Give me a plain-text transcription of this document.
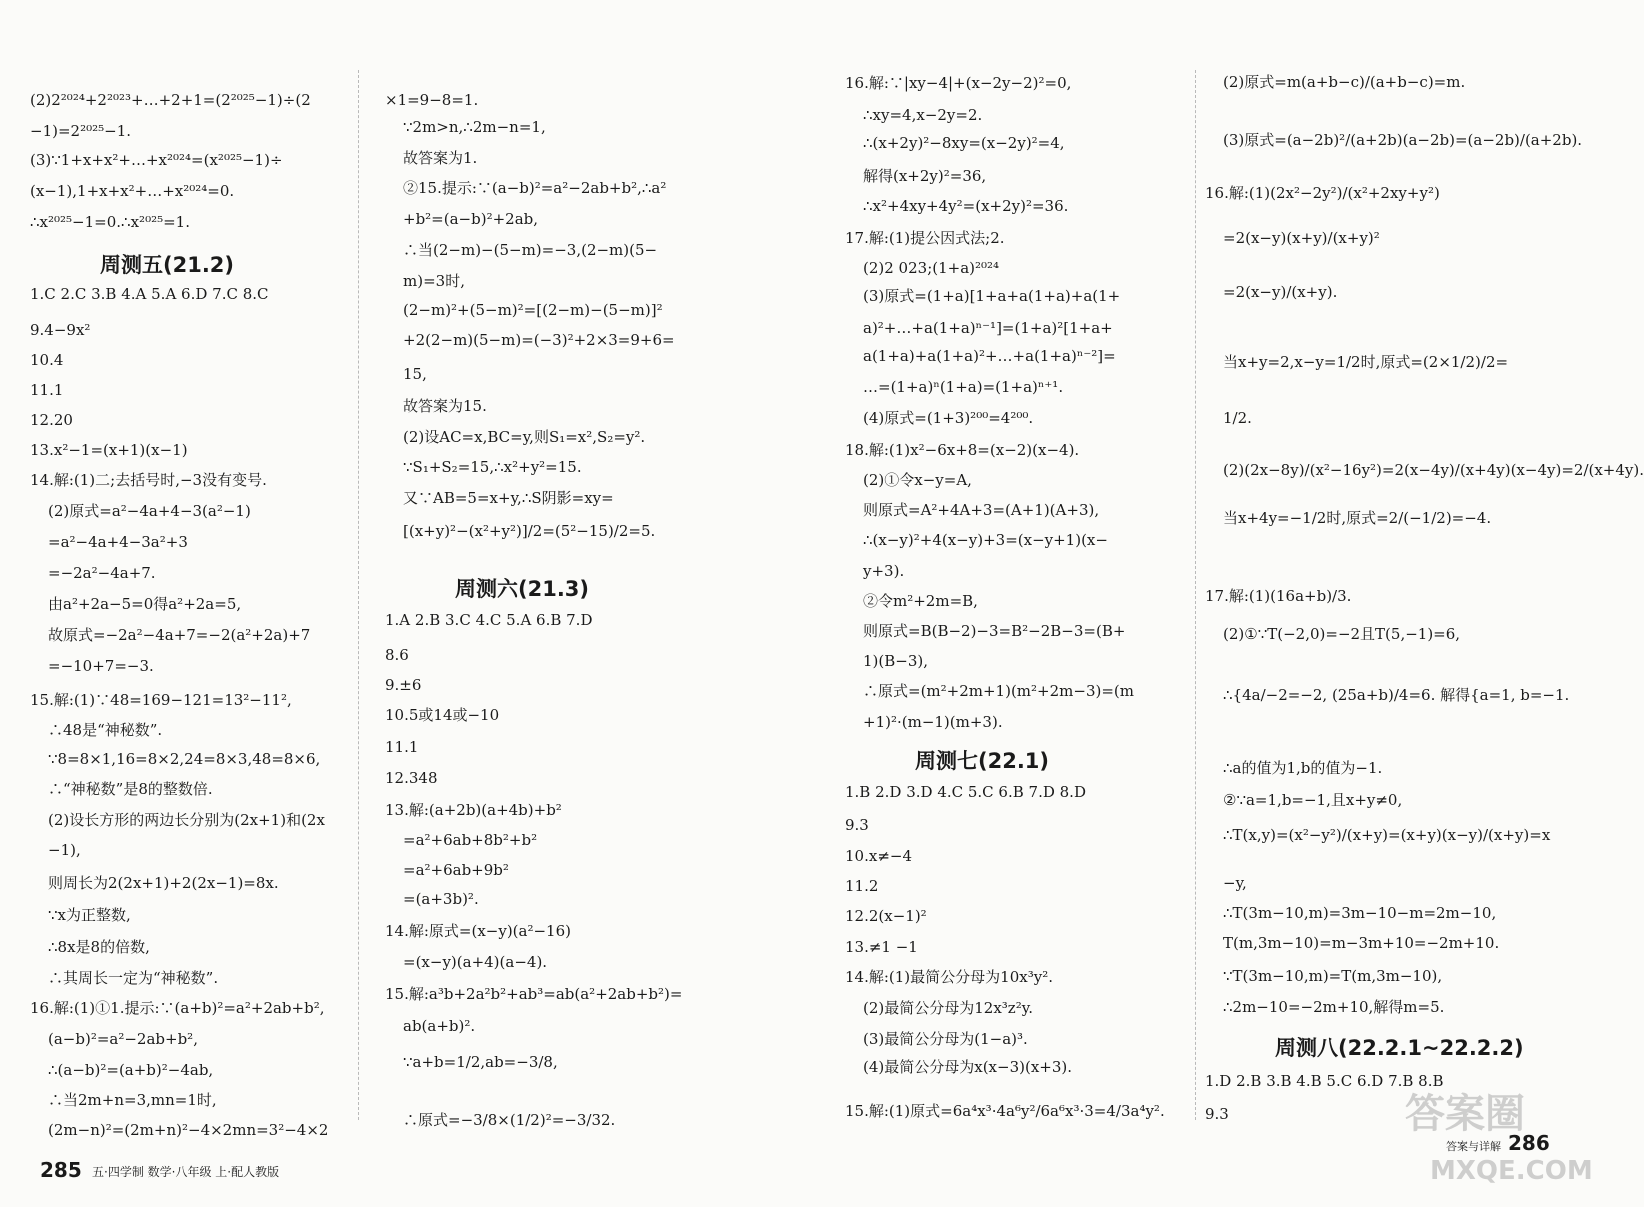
(2)2²⁰²⁴+2²⁰²³+…+2+1=(2²⁰²⁵−1)÷(2
−1)=2²⁰²⁵−1.
(3)∵1+x+x²+…+x²⁰²⁴=(x²⁰²⁵−1)÷
(x−1),1+x+x²+…+x²⁰²⁴=0.
∴x²⁰²⁵−1=0.∴x²⁰²⁵=1.
周测五(21.2)
1.C 2.C 3.B 4.A 5.A 6.D 7.C 8.C
9.4−9x²
10.4
11.1
12.20
13.x²−1=(x+1)(x−1)
14.解:(1)二;去括号时,−3没有变号.
(2)原式=a²−4a+4−3(a²−1)
=a²−4a+4−3a²+3
=−2a²−4a+7.
由a²+2a−5=0得a²+2a=5,
故原式=−2a²−4a+7=−2(a²+2a)+7
=−10+7=−3.
15.解:(1)∵48=169−121=13²−11²,
∴48是“神秘数”.
∵8=8×1,16=8×2,24=8×3,48=8×6,
∴“神秘数”是8的整数倍.
(2)设长方形的两边长分别为(2x+1)和(2x
−1),
则周长为2(2x+1)+2(2x−1)=8x.
∵x为正整数,
∴8x是8的倍数,
∴其周长一定为“神秘数”.
16.解:(1)①1.提示:∵(a+b)²=a²+2ab+b²,
(a−b)²=a²−2ab+b²,
∴(a−b)²=(a+b)²−4ab,
∴当2m+n=3,mn=1时,
(2m−n)²=(2m+n)²−4×2mn=3²−4×2
×1=9−8=1.
∵2m>n,∴2m−n=1,
故答案为1.
②15.提示:∵(a−b)²=a²−2ab+b²,∴a²
+b²=(a−b)²+2ab,
∴当(2−m)−(5−m)=−3,(2−m)(5−
m)=3时,
(2−m)²+(5−m)²=[(2−m)−(5−m)]²
+2(2−m)(5−m)=(−3)²+2×3=9+6=
15,
故答案为15.
(2)设AC=x,BC=y,则S₁=x²,S₂=y².
∵S₁+S₂=15,∴x²+y²=15.
又∵AB=5=x+y,∴S阴影=xy=
[(x+y)²−(x²+y²)]/2=(5²−15)/2=5.
周测六(21.3)
1.A 2.B 3.C 4.C 5.A 6.B 7.D
8.6
9.±6
10.5或14或−10
11.1
12.348
13.解:(a+2b)(a+4b)+b²
=a²+6ab+8b²+b²
=a²+6ab+9b²
=(a+3b)².
14.解:原式=(x−y)(a²−16)
=(x−y)(a+4)(a−4).
15.解:a³b+2a²b²+ab³=ab(a²+2ab+b²)=
ab(a+b)².
∵a+b=1/2,ab=−3/8,
∴原式=−3/8×(1/2)²=−3/32.
16.解:∵|xy−4|+(x−2y−2)²=0,
∴xy=4,x−2y=2.
∴(x+2y)²−8xy=(x−2y)²=4,
解得(x+2y)²=36,
∴x²+4xy+4y²=(x+2y)²=36.
17.解:(1)提公因式法;2.
(2)2 023;(1+a)²⁰²⁴
(3)原式=(1+a)[1+a+a(1+a)+a(1+
a)²+…+a(1+a)ⁿ⁻¹]=(1+a)²[1+a+
a(1+a)+a(1+a)²+…+a(1+a)ⁿ⁻²]=
…=(1+a)ⁿ(1+a)=(1+a)ⁿ⁺¹.
(4)原式=(1+3)²⁰⁰=4²⁰⁰.
18.解:(1)x²−6x+8=(x−2)(x−4).
(2)①令x−y=A,
则原式=A²+4A+3=(A+1)(A+3),
∴(x−y)²+4(x−y)+3=(x−y+1)(x−
y+3).
②令m²+2m=B,
则原式=B(B−2)−3=B²−2B−3=(B+
1)(B−3),
∴原式=(m²+2m+1)(m²+2m−3)=(m
+1)²·(m−1)(m+3).
周测七(22.1)
1.B 2.D 3.D 4.C 5.C 6.B 7.D 8.D
9.3
10.x≠−4
11.2
12.2(x−1)²
13.≠1 −1
14.解:(1)最简公分母为10x³y².
(2)最简公分母为12x³z²y.
(3)最简公分母为(1−a)³.
(4)最简公分母为x(x−3)(x+3).
15.解:(1)原式=6a⁴x³·4a⁶y²/6a⁶x³·3=4/3a⁴y².
(2)原式=m(a+b−c)/(a+b−c)=m.
(3)原式=(a−2b)²/(a+2b)(a−2b)=(a−2b)/(a+2b).
16.解:(1)(2x²−2y²)/(x²+2xy+y²)
=2(x−y)(x+y)/(x+y)²
=2(x−y)/(x+y).
当x+y=2,x−y=1/2时,原式=(2×1/2)/2=
1/2.
(2)(2x−8y)/(x²−16y²)=2(x−4y)/(x+4y)(x−4y)=2/(x+4y).
当x+4y=−1/2时,原式=2/(−1/2)=−4.
17.解:(1)(16a+b)/3.
(2)①∵T(−2,0)=−2且T(5,−1)=6,
∴{4a/−2=−2, (25a+b)/4=6. 解得{a=1, b=−1.
∴a的值为1,b的值为−1.
②∵a=1,b=−1,且x+y≠0,
∴T(x,y)=(x²−y²)/(x+y)=(x+y)(x−y)/(x+y)=x
−y,
∴T(3m−10,m)=3m−10−m=2m−10,
T(m,3m−10)=m−3m+10=−2m+10.
∵T(3m−10,m)=T(m,3m−10),
∴2m−10=−2m+10,解得m=5.
周测八(22.2.1~22.2.2)
1.D 2.B 3.B 4.B 5.C 6.D 7.B 8.B
9.3
285 五·四学制 数学·八年级 上·配人教版
答案与详解 286
答案圈
MXQE.COM
